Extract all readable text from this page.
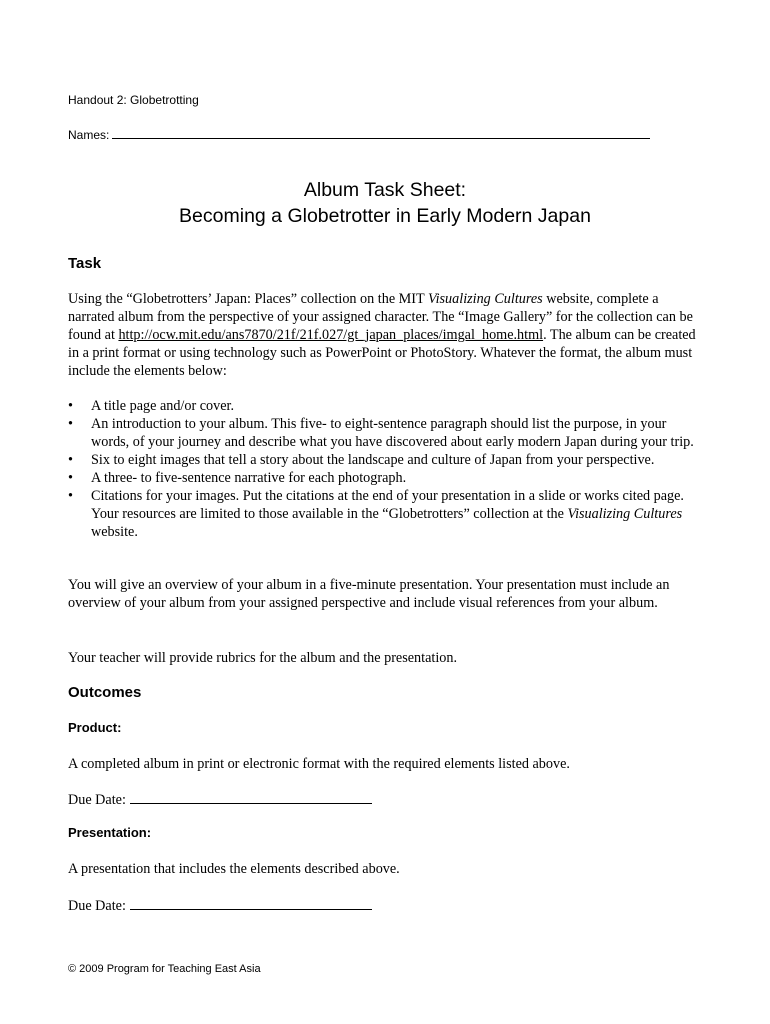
Handout 2: Globetrotting
Names:
Album Task Sheet:
Becoming a Globetrotter in Early Modern Japan
Task
Using the “Globetrotters’ Japan: Places” collection on the MIT Visualizing Cultures website, complete a narrated album from the perspective of your assigned character. The “Image Gallery” for the collection can be found at http://ocw.mit.edu/ans7870/21f/21f.027/gt_japan_places/imgal_home.html. The album can be created in a print format or using technology such as PowerPoint or PhotoStory. Whatever the format, the album must include the elements below:
• A title page and/or cover.
• An introduction to your album. This five- to eight-sentence paragraph should list the purpose, in your words, of your journey and describe what you have discovered about early modern Japan during your trip.
• Six to eight images that tell a story about the landscape and culture of Japan from your perspective.
• A three- to five-sentence narrative for each photograph.
• Citations for your images. Put the citations at the end of your presentation in a slide or works cited page. Your resources are limited to those available in the “Globetrotters” collection at the Visualizing Cultures website.
You will give an overview of your album in a five-minute presentation. Your presentation must include an overview of your album from your assigned perspective and include visual references from your album.
Your teacher will provide rubrics for the album and the presentation.
Outcomes
Product:
A completed album in print or electronic format with the required elements listed above.
Due Date:
Presentation:
A presentation that includes the elements described above.
Due Date:
© 2009 Program for Teaching East Asia
